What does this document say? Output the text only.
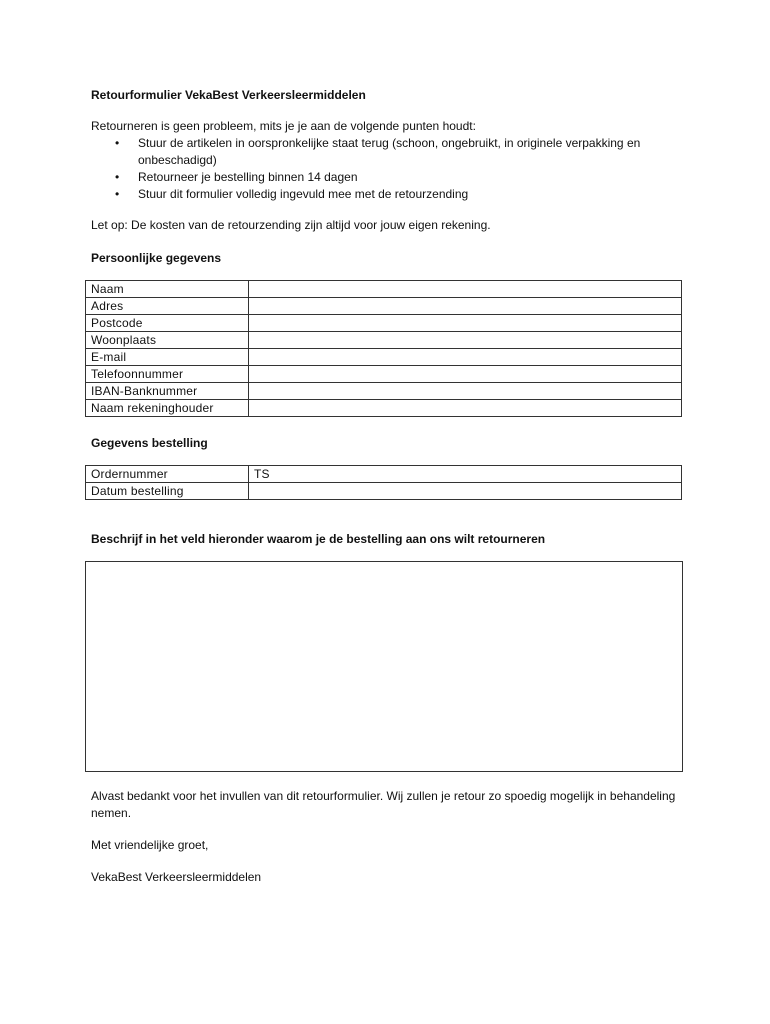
Retourformulier VekaBest Verkeersleermiddelen
Retourneren is geen probleem, mits je je aan de volgende punten houdt:
• Stuur de artikelen in oorspronkelijke staat terug (schoon, ongebruikt, in originele verpakking en onbeschadigd)
• Retourneer je bestelling binnen 14 dagen
• Stuur dit formulier volledig ingevuld mee met de retourzending
Let op: De kosten van de retourzending zijn altijd voor jouw eigen rekening.
Persoonlijke gegevens
Naam	
Adres	
Postcode	
Woonplaats	
E-mail	
Telefoonnummer	
IBAN-Banknummer	
Naam rekeninghouder	
Gegevens bestelling
Ordernummer	TS
Datum bestelling	
Beschrijf in het veld hieronder waarom je de bestelling aan ons wilt retourneren
Alvast bedankt voor het invullen van dit retourformulier. Wij zullen je retour zo spoedig mogelijk in behandeling nemen.
Met vriendelijke groet,
VekaBest Verkeersleermiddelen
